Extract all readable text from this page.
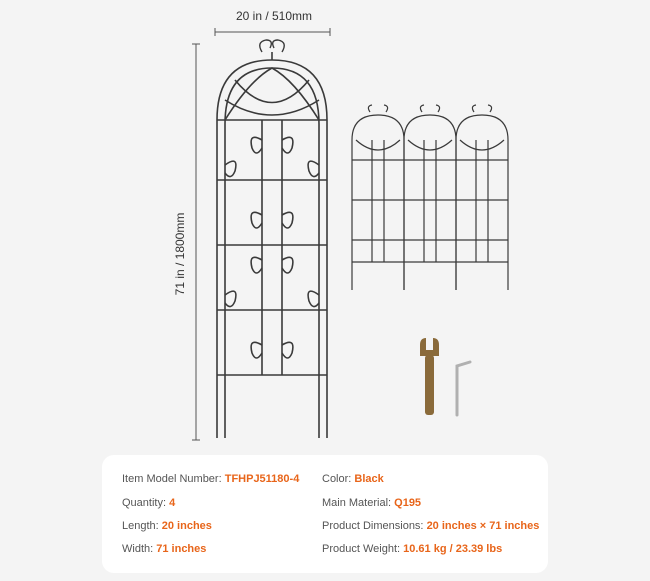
20 in / 510mm
71 in / 1800mm
Item Model Number: TFHPJ51180-4 Color: Black
Quantity: 4	Main Material: Q195
Length: 20 inches	Product Dimensions: 20 inches × 71 inches
Width: 71 inches	Product Weight: 10.61 kg / 23.39 lbs
